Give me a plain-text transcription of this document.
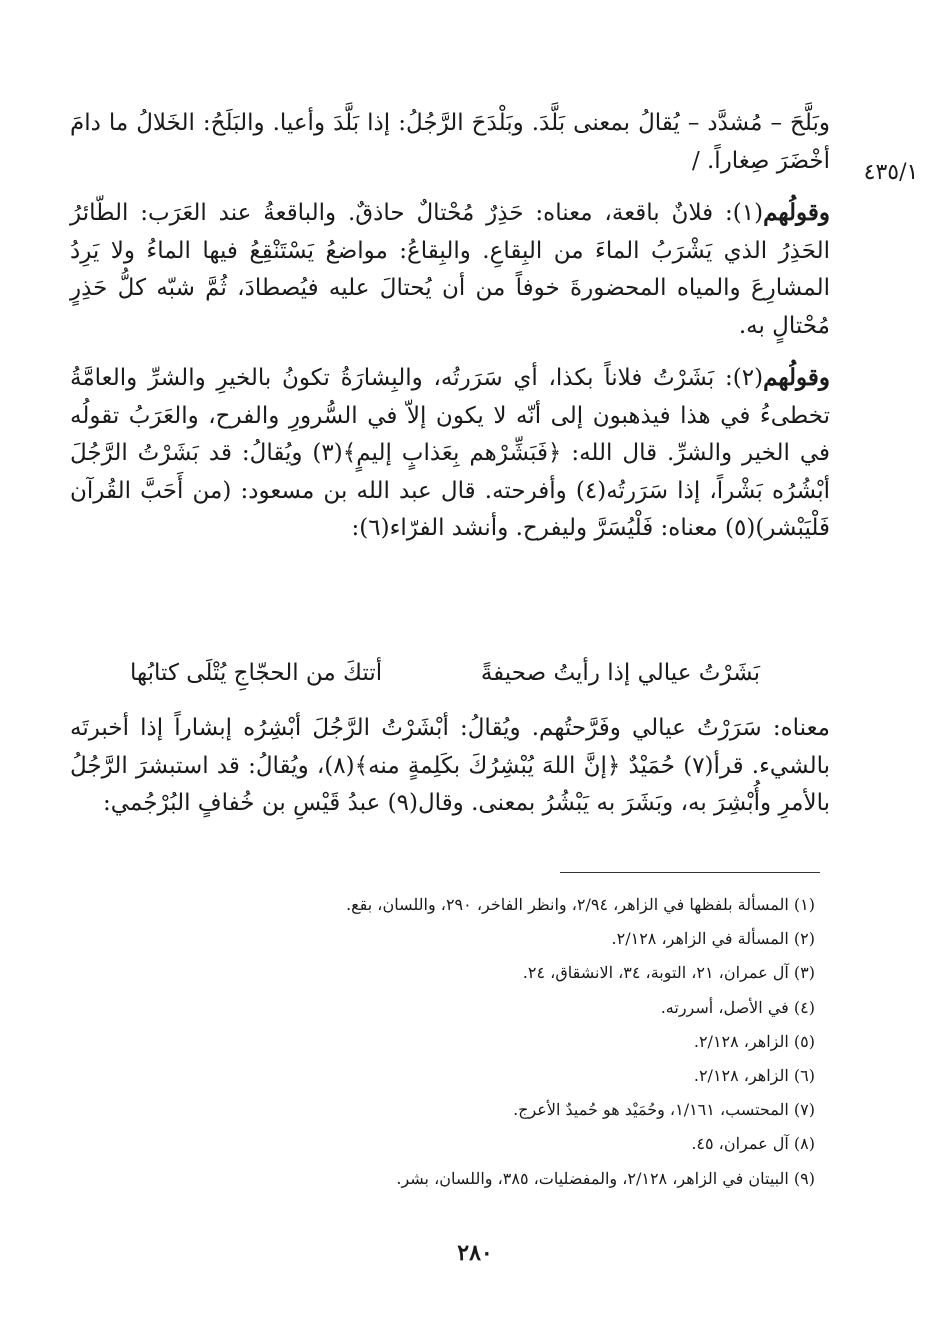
٤٣٥/١

وبَلَّحَ – مُشدَّد – يُقالُ بمعنى بَلَّدَ. وبَلْدَحَ الرَّجُلُ: إذا بَلَّدَ وأعيا. والبَلَحُ: الخَلالُ ما دامَ أخْضَرَ صِغاراً. /

وقولُهم(١): فلانٌ باقعة، معناه: حَذِرٌ مُحْتالٌ حاذقٌ. والباقعةُ عند العَرَب: الطّائرُ الحَذِرُ الذي يَشْرَبُ الماءَ من البِقاعِ. والبِقاعُ: مواضعُ يَسْتَنْقِعُ فيها الماءُ ولا يَرِدُ المشارِعَ والمياه المحضورةَ خوفاً من أن يُحتالَ عليه فيُصطادَ، ثُمَّ شبّه كلُّ حَذِرٍ مُحْتالٍ به.

وقولُهم(٢): بَشَرْتُ فلاناً بكذا، أي سَرَرتُه، والبِشارَةُ تكونُ بالخيرِ والشرِّ والعامَّةُ تخطىءُ في هذا فيذهبون إلى أنّه لا يكون إلاّ في السُّرورِ والفرح، والعَرَبُ تقولُه في الخير والشرِّ. قال الله: ﴿فَبَشِّرْهم بِعَذابٍ إليمٍ﴾(٣) ويُقالُ: قد بَشَرْتُ الرَّجُلَ أبْشُرُه بَشْراً، إذا سَرَرتُه(٤) وأفرحته. قال عبد الله بن مسعود: (من أَحَبَّ القُرآن فَلْيَبْشر)(٥) معناه: فَلْيُسَرَّ وليفرح. وأنشد الفرّاء(٦):

بَشَرْتُ عيالي إذا رأيتُ صحيفةً
أتتكَ من الحجّاجِ يُتْلَى كتابُها

معناه: سَرَرْتُ عيالي وفَرَّحتُهم. ويُقالُ: أبْشَرْتُ الرَّجُلَ أبْشِرُه إبشاراً إذا أخبرتَه بالشيء. قرأ(٧) حُمَيْدٌ ﴿إنَّ اللهَ يُبْشِرُكَ بكَلِمةٍ منه﴾(٨)، ويُقالُ: قد استبشرَ الرَّجُلُ بالأمرِ وأُبْشِرَ به، وبَشَرَ به يَبْشُرُ بمعنى. وقال(٩) عبدُ قَيْسِ بن خُفافٍ البُرْجُمي:

(١) المسألة بلفظها في الزاهر، ٢/٩٤، وانظر الفاخر، ٢٩٠، واللسان، بقع.
(٢) المسألة في الزاهر، ٢/١٢٨.
(٣) آل عمران، ٢١، التوبة، ٣٤، الانشقاق، ٢٤.
(٤) في الأصل، أسررته.
(٥) الزاهر، ٢/١٢٨.
(٦) الزاهر، ٢/١٢٨.
(٧) المحتسب، ١/١٦١، وحُمَيْد هو حُميدٌ الأعرج.
(٨) آل عمران، ٤٥.
(٩) البيتان في الزاهر، ٢/١٢٨، والمفضليات، ٣٨٥، واللسان، بشر.
٢٨٠
